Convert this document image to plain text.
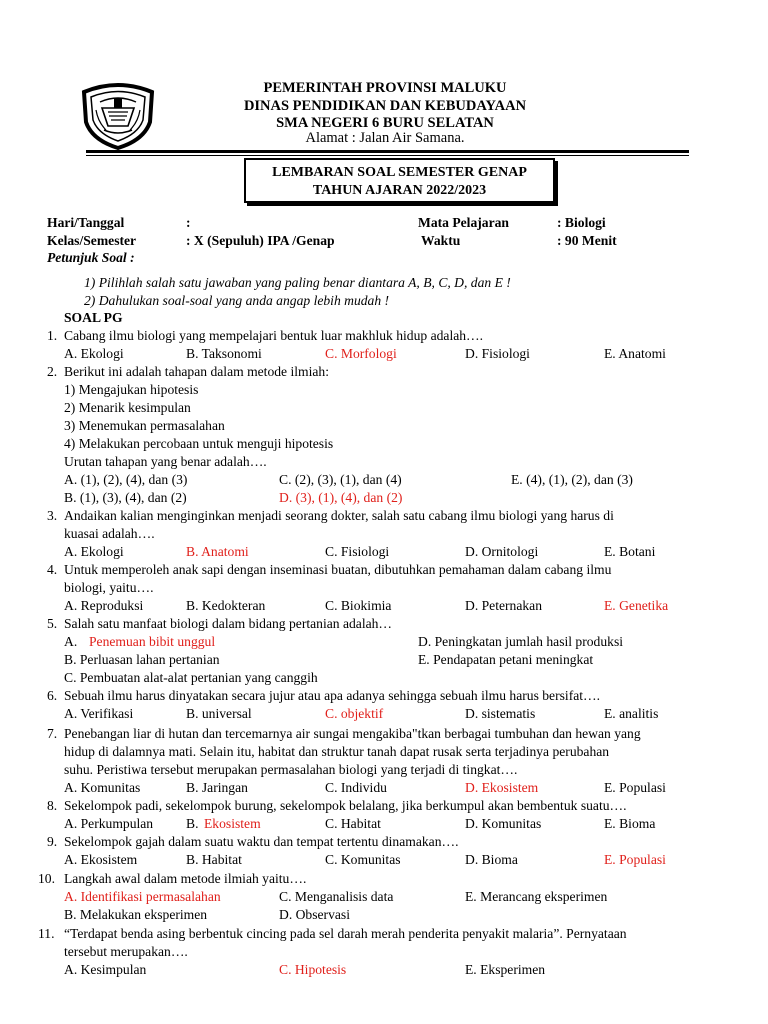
PEMERINTAH PROVINSI MALUKU
DINAS PENDIDIKAN DAN KEBUDAYAAN
SMA NEGERI 6 BURU SELATAN
Alamat : Jalan Air Samana.
LEMBARAN SOAL SEMESTER GENAP
TAHUN AJARAN 2022/2023
Hari/Tanggal	:	Mata Pelajaran	: Biologi
Kelas/Semester	: X (Sepuluh) IPA /Genap	Waktu	: 90 Menit
Petunjuk Soal :
1) Pilihlah salah satu jawaban yang paling benar diantara A, B, C, D, dan E !
2) Dahulukan soal-soal yang anda angap lebih mudah !
SOAL PG
1. Cabang ilmu biologi yang mempelajari bentuk luar makhluk hidup adalah….
A. Ekologi	B. Taksonomi	C. Morfologi	D. Fisiologi	E. Anatomi
2. Berikut ini adalah tahapan dalam metode ilmiah:
1) Mengajukan hipotesis
2) Menarik kesimpulan
3) Menemukan permasalahan
4) Melakukan percobaan untuk menguji hipotesis
Urutan tahapan yang benar adalah….
A. (1), (2), (4), dan (3)	C. (2), (3), (1), dan (4)	E. (4), (1), (2), dan (3)
B. (1), (3), (4), dan (2)	D. (3), (1), (4), dan (2)
3. Andaikan kalian menginginkan menjadi seorang dokter, salah satu cabang ilmu biologi yang harus di
kuasai adalah….
A. Ekologi	B. Anatomi	C. Fisiologi	D. Ornitologi	E. Botani
4. Untuk memperoleh anak sapi dengan inseminasi buatan, dibutuhkan pemahaman dalam cabang ilmu
biologi, yaitu….
A. Reproduksi	B. Kedokteran	C. Biokimia	D. Peternakan	E. Genetika
5. Salah satu manfaat biologi dalam bidang pertanian adalah…
A. Penemuan bibit unggul	D. Peningkatan jumlah hasil produksi
B. Perluasan lahan pertanian	E. Pendapatan petani meningkat
C. Pembuatan alat-alat pertanian yang canggih
6. Sebuah ilmu harus dinyatakan secara jujur atau apa adanya sehingga sebuah ilmu harus bersifat….
A. Verifikasi	B. universal	C. objektif	D. sistematis	E. analitis
7. Penebangan liar di hutan dan tercemarnya air sungai mengakiba"tkan berbagai tumbuhan dan hewan yang
hidup di dalamnya mati. Selain itu, habitat dan struktur tanah dapat rusak serta terjadinya perubahan
suhu. Peristiwa tersebut merupakan permasalahan biologi yang terjadi di tingkat….
A. Komunitas	B. Jaringan	C. Individu	D. Ekosistem	E. Populasi
8. Sekelompok padi, sekelompok burung, sekelompok belalang, jika berkumpul akan bembentuk suatu….
A. Perkumpulan B. Ekosistem	C. Habitat	D. Komunitas	E. Bioma
9. Sekelompok gajah dalam suatu waktu dan tempat tertentu dinamakan….
A. Ekosistem	B. Habitat	C. Komunitas	D. Bioma	E. Populasi
10. Langkah awal dalam metode ilmiah yaitu….
A. Identifikasi permasalahan	C. Menganalisis data	E. Merancang eksperimen
B. Melakukan eksperimen	D. Observasi
11. “Terdapat benda asing berbentuk cincing pada sel darah merah penderita penyakit malaria”. Pernyataan
tersebut merupakan….
A. Kesimpulan	C. Hipotesis	E. Eksperimen
